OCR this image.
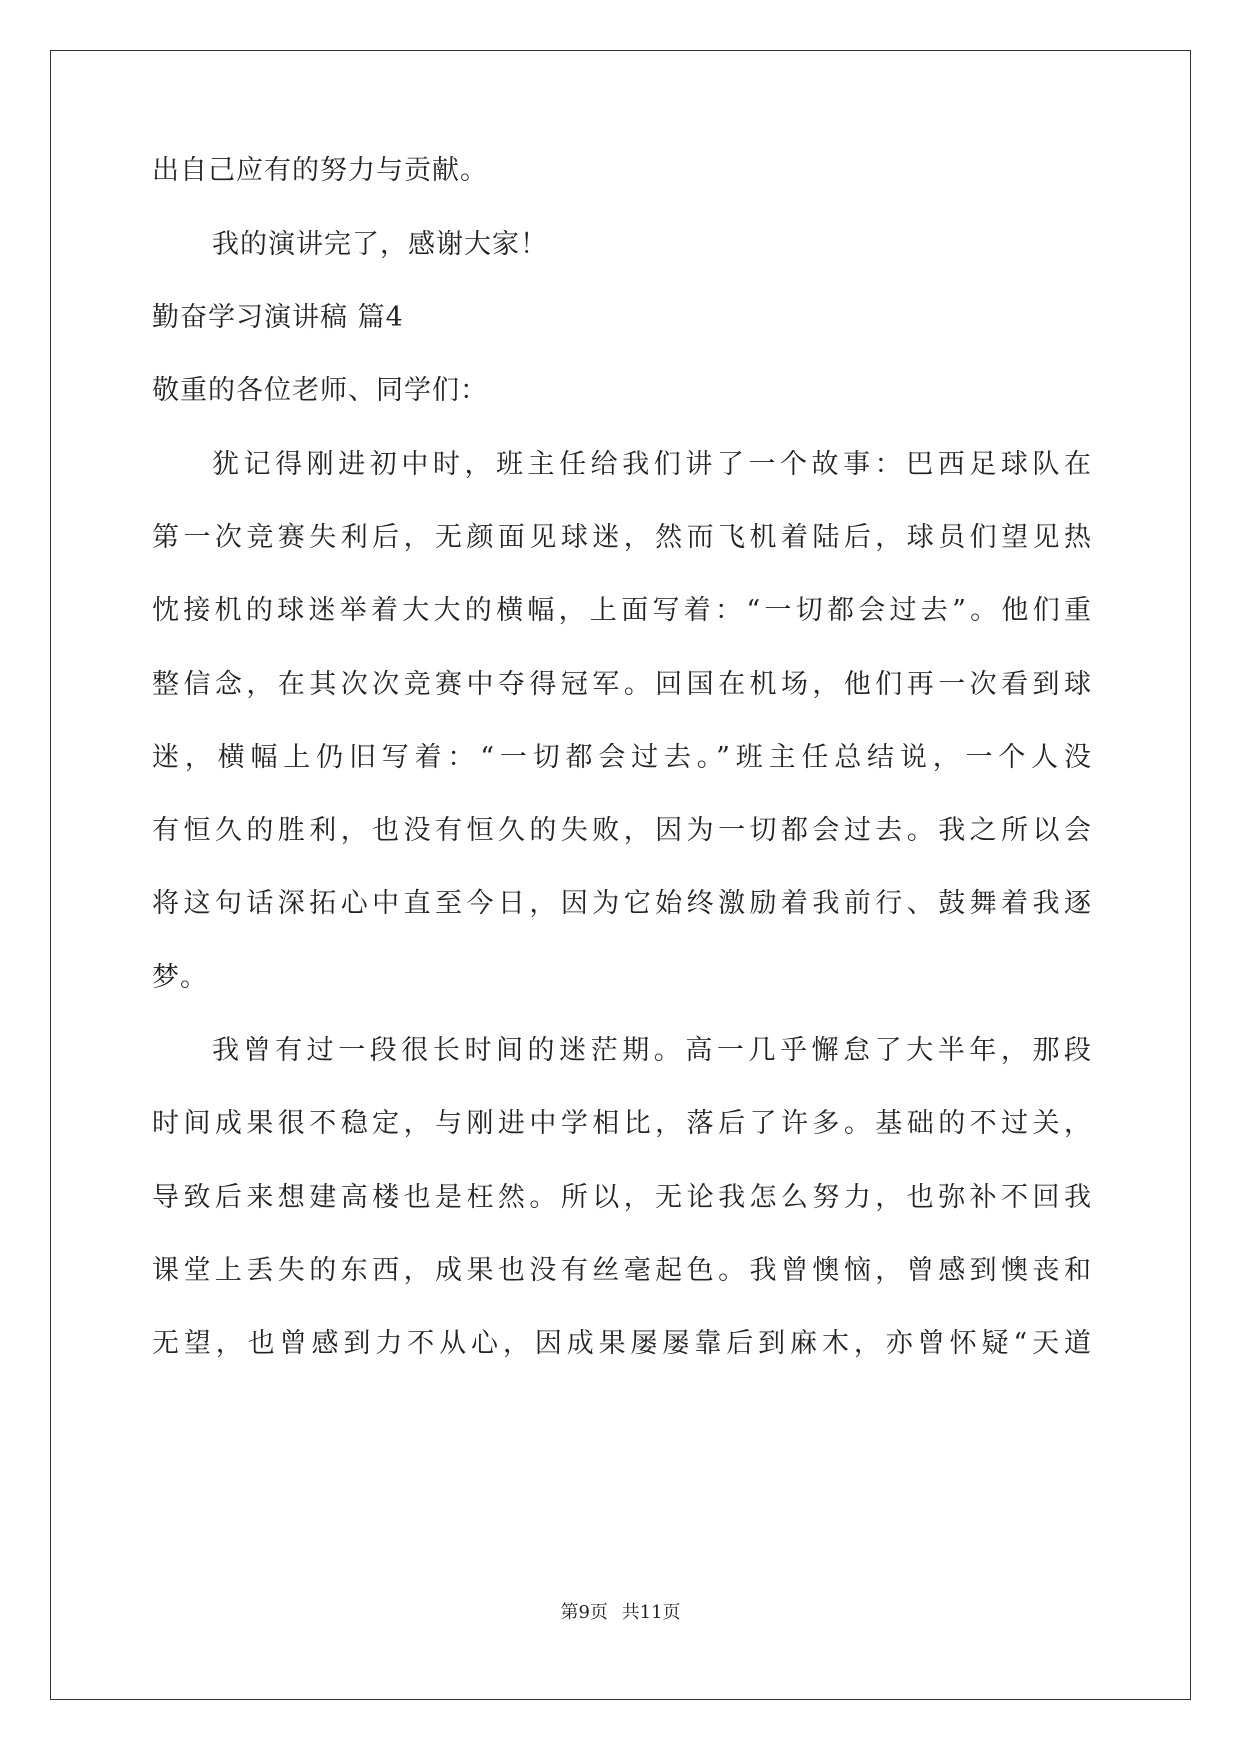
出自己应有的努力与贡献。
我的演讲完了，感谢大家！
勤奋学习演讲稿 篇4
敬重的各位老师、同学们：
犹记得刚进初中时，班主任给我们讲了一个故事：巴西足球队在
第一次竞赛失利后，无颜面见球迷，然而飞机着陆后，球员们望见热
忱接机的球迷举着大大的横幅，上面写着：“一切都会过去”。他们重
整信念，在其次次竞赛中夺得冠军。回国在机场，他们再一次看到球
迷，横幅上仍旧写着：“一切都会过去。”班主任总结说，一个人没
有恒久的胜利，也没有恒久的失败，因为一切都会过去。我之所以会
将这句话深拓心中直至今日，因为它始终激励着我前行、鼓舞着我逐
梦。
我曾有过一段很长时间的迷茫期。高一几乎懈怠了大半年，那段
时间成果很不稳定，与刚进中学相比，落后了许多。基础的不过关，
导致后来想建高楼也是枉然。所以，无论我怎么努力，也弥补不回我
课堂上丢失的东西，成果也没有丝毫起色。我曾懊恼，曾感到懊丧和
无望，也曾感到力不从心，因成果屡屡靠后到麻木，亦曾怀疑“天道
第9页 共11页
